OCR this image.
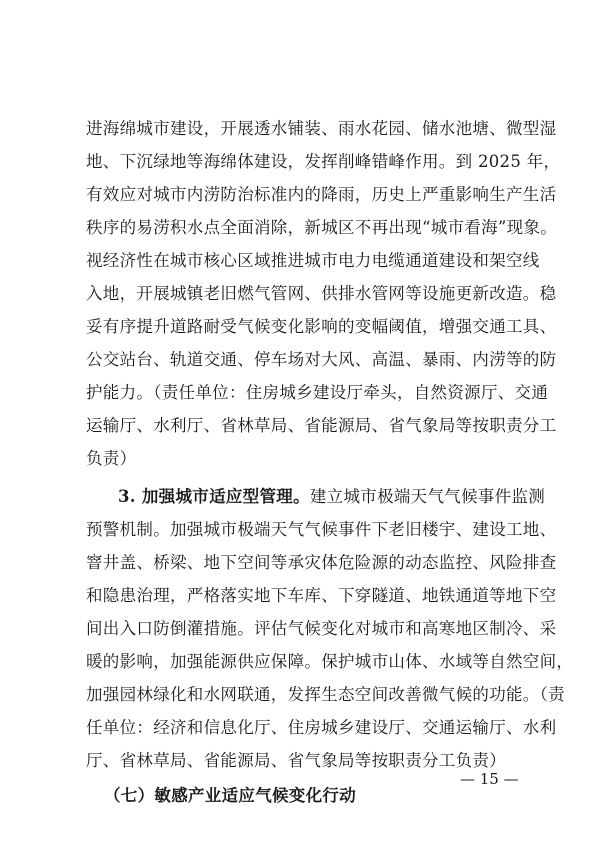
进海绵城市建设，开展透水铺装、雨水花园、储水池塘、微型湿
地、下沉绿地等海绵体建设，发挥削峰错峰作用。到 2025 年，
有效应对城市内涝防治标准内的降雨，历史上严重影响生产生活
秩序的易涝积水点全面消除，新城区不再出现“城市看海”现象。
视经济性在城市核心区域推进城市电力电缆通道建设和架空线
入地，开展城镇老旧燃气管网、供排水管网等设施更新改造。稳
妥有序提升道路耐受气候变化影响的变幅阈值，增强交通工具、
公交站台、轨道交通、停车场对大风、高温、暴雨、内涝等的防
护能力。（责任单位：住房城乡建设厅牵头，自然资源厅、交通
运输厅、水利厅、省林草局、省能源局、省气象局等按职责分工
负责）
3. 加强城市适应型管理。建立城市极端天气气候事件监测
预警机制。加强城市极端天气气候事件下老旧楼宇、建设工地、
窨井盖、桥梁、地下空间等承灾体危险源的动态监控、风险排查
和隐患治理，严格落实地下车库、下穿隧道、地铁通道等地下空
间出入口防倒灌措施。评估气候变化对城市和高寒地区制冷、采
暖的影响，加强能源供应保障。保护城市山体、水域等自然空间，
加强园林绿化和水网联通，发挥生态空间改善微气候的功能。（责
任单位：经济和信息化厅、住房城乡建设厅、交通运输厅、水利
厅、省林草局、省能源局、省气象局等按职责分工负责）
（七）敏感产业适应气候变化行动
— 15 —
